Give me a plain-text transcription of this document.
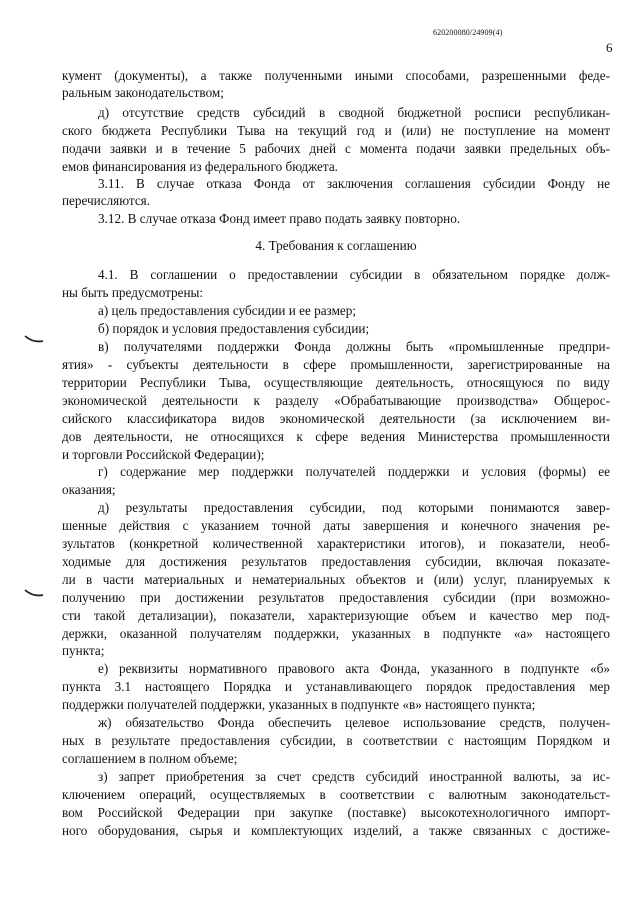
620200080/24909(4)
6
кумент (документы), а также полученными иными способами, разрешенными феде-
ральным законодательством;
д) отсутствие средств субсидий в сводной бюджетной росписи республикан-
ского бюджета Республики Тыва на текущий год и (или) не поступление на момент
подачи заявки и в течение 5 рабочих дней с момента подачи заявки предельных объ-
емов финансирования из федерального бюджета.
3.11. В случае отказа Фонда от заключения соглашения субсидии Фонду не
перечисляются.
3.12. В случае отказа Фонд имеет право подать заявку повторно.
4. Требования к соглашению
4.1. В соглашении о предоставлении субсидии в обязательном порядке долж-
ны быть предусмотрены:
а) цель предоставления субсидии и ее размер;
б) порядок и условия предоставления субсидии;
в) получателями поддержки Фонда должны быть «промышленные предпри-
ятия» - субъекты деятельности в сфере промышленности, зарегистрированные на
территории Республики Тыва, осуществляющие деятельность, относящуюся по виду
экономической деятельности к разделу «Обрабатывающие производства» Общерос-
сийского классификатора видов экономической деятельности (за исключением ви-
дов деятельности, не относящихся к сфере ведения Министерства промышленности
и торговли Российской Федерации);
г) содержание мер поддержки получателей поддержки и условия (формы) ее
оказания;
д) результаты предоставления субсидии, под которыми понимаются завер-
шенные действия с указанием точной даты завершения и конечного значения ре-
зультатов (конкретной количественной характеристики итогов), и показатели, необ-
ходимые для достижения результатов предоставления субсидии, включая показате-
ли в части материальных и нематериальных объектов и (или) услуг, планируемых к
получению при достижении результатов предоставления субсидии (при возможно-
сти такой детализации), показатели, характеризующие объем и качество мер под-
держки, оказанной получателям поддержки, указанных в подпункте «а» настоящего
пункта;
е) реквизиты нормативного правового акта Фонда, указанного в подпункте «б»
пункта 3.1 настоящего Порядка и устанавливающего порядок предоставления мер
поддержки получателей поддержки, указанных в подпункте «в» настоящего пункта;
ж) обязательство Фонда обеспечить целевое использование средств, получен-
ных в результате предоставления субсидии, в соответствии с настоящим Порядком и
соглашением в полном объеме;
з) запрет приобретения за счет средств субсидий иностранной валюты, за ис-
ключением операций, осуществляемых в соответствии с валютным законодательст-
вом Российской Федерации при закупке (поставке) высокотехнологичного импорт-
ного оборудования, сырья и комплектующих изделий, а также связанных с достиже-
